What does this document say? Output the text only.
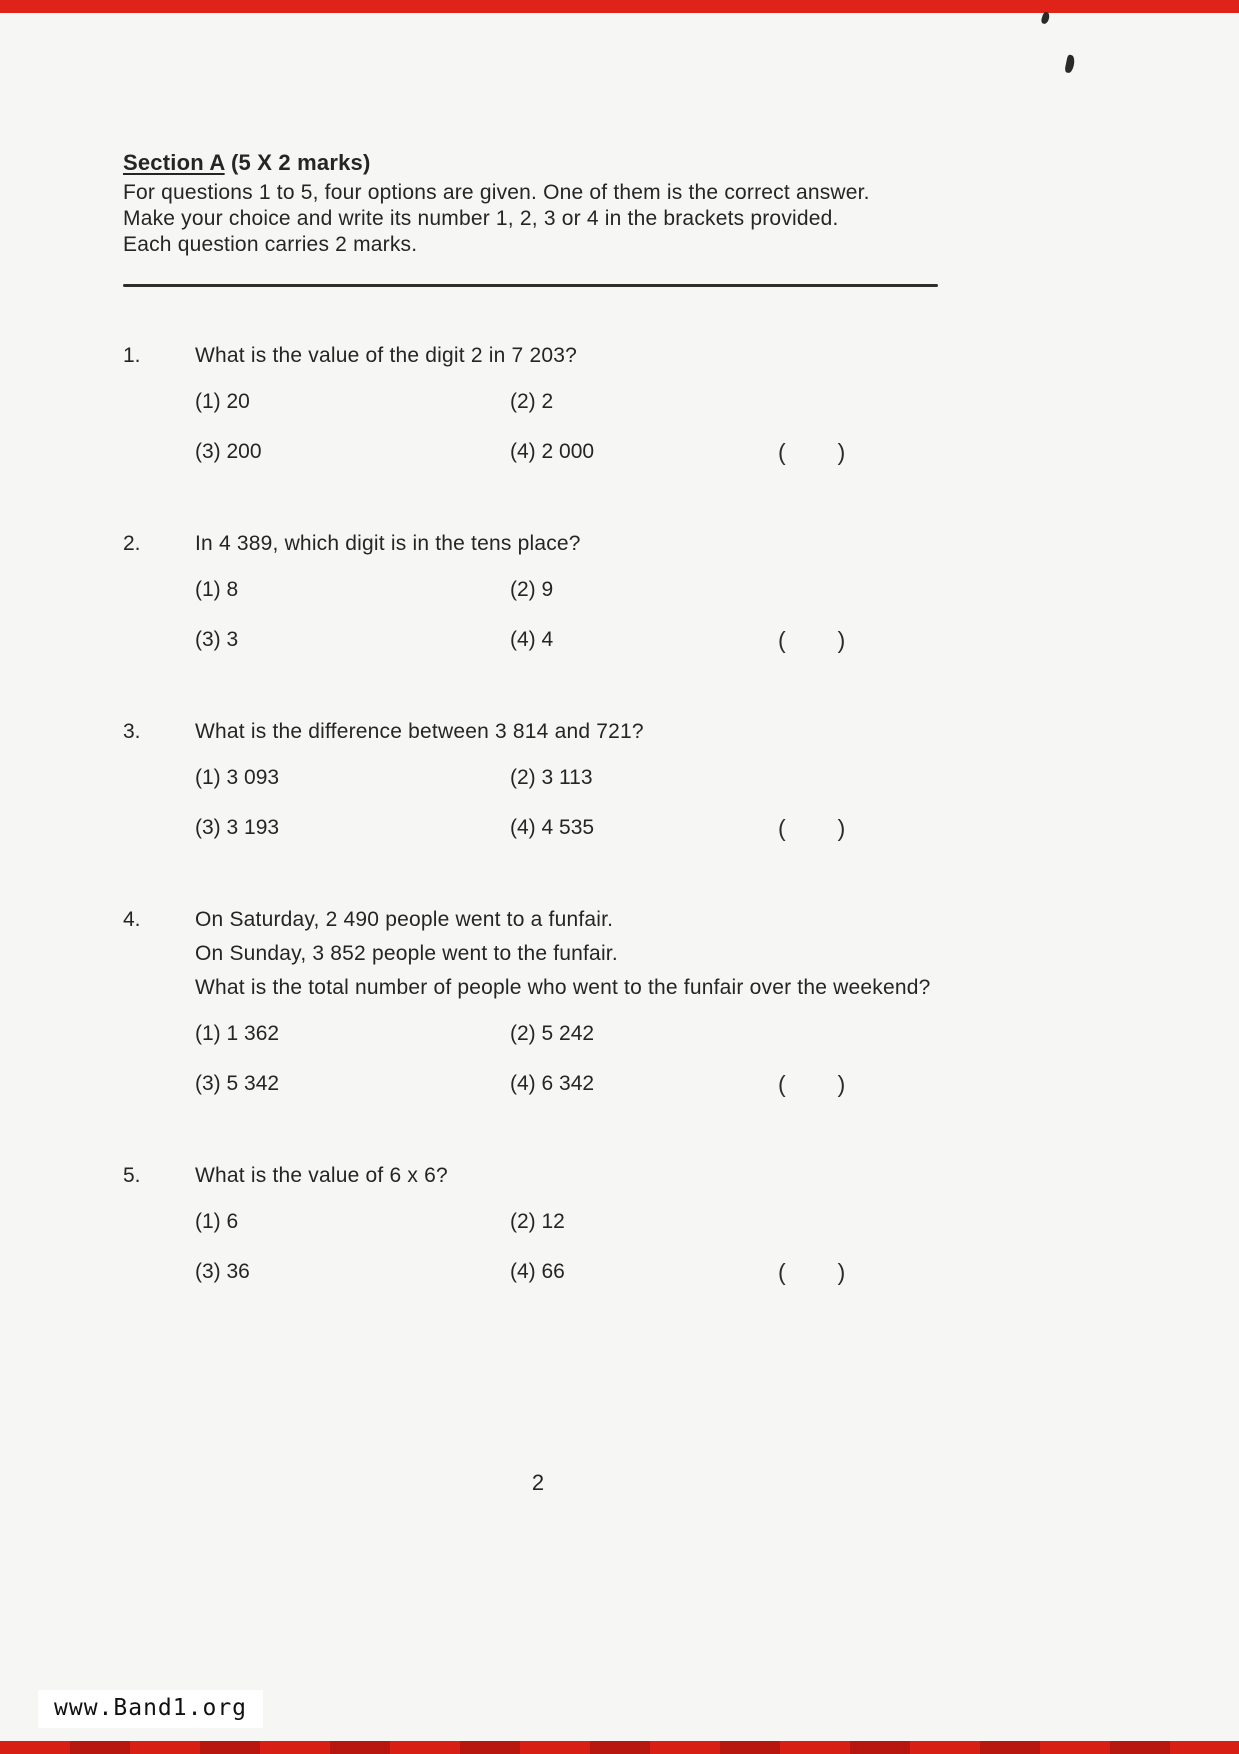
Section A (5 X 2 marks)

For questions 1 to 5, four options are given. One of them is the correct answer.

Make your choice and write its number 1, 2, 3 or 4 in the brackets provided.

Each question carries 2 marks.

1.	What is the value of the digit 2 in 7 203?
(1) 20	(2) 2
(3) 200	(4) 2 000	( )
2.	In 4 389, which digit is in the tens place?
(1) 8	(2) 9
(3) 3	(4) 4	( )
3.	What is the difference between 3 814 and 721?
(1) 3 093	(2) 3 113
(3) 3 193	(4) 4 535	( )
4.	On Saturday, 2 490 people went to a funfair.
On Sunday, 3 852 people went to the funfair.
What is the total number of people who went to the funfair over the weekend?
(1) 1 362	(2) 5 242
(3) 5 342	(4) 6 342	( )
5.	What is the value of 6 x 6?
(1) 6	(2) 12
(3) 36	(4) 66	( )
2
www.Band1.org
